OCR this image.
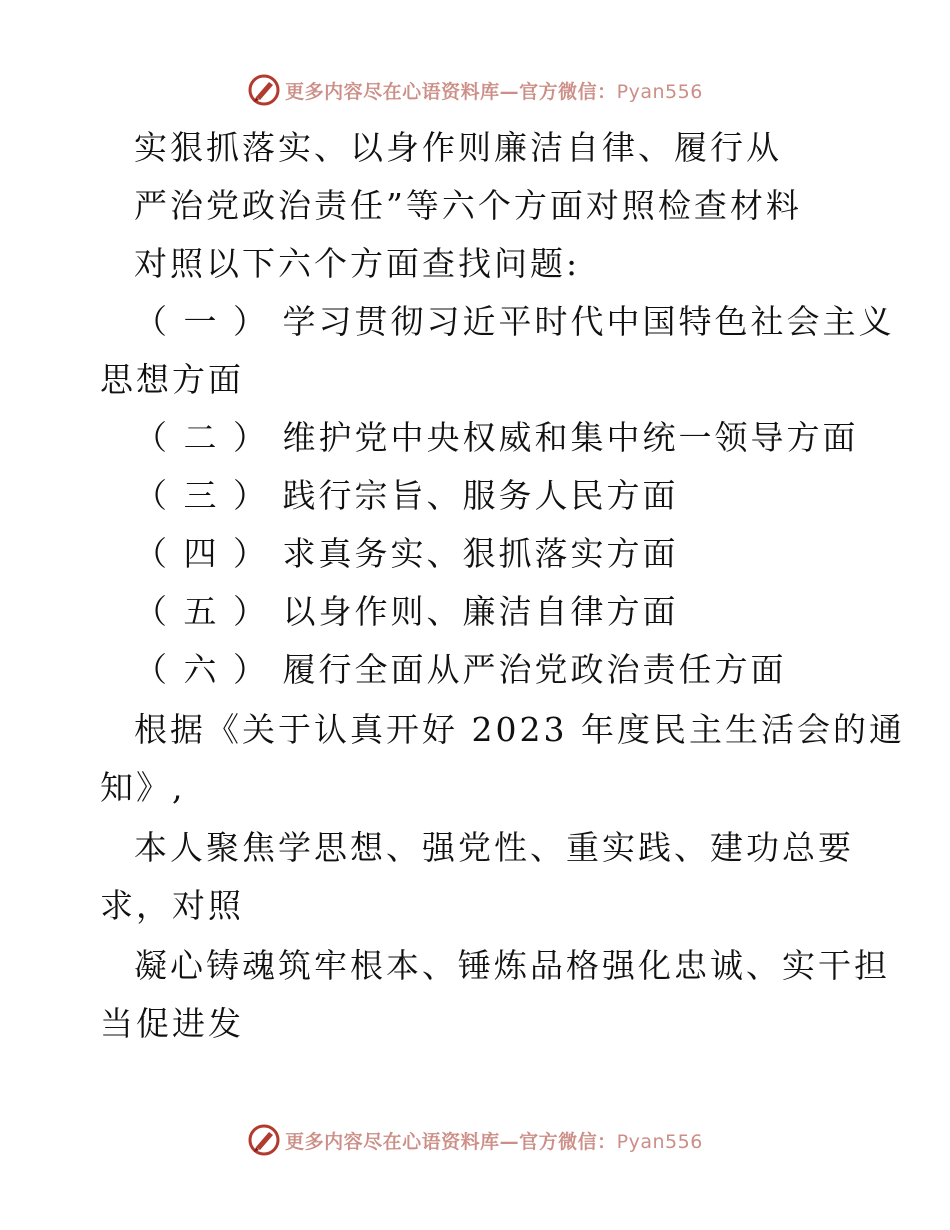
更多内容尽在心语资料库—官方微信：Pyan556
实狠抓落实、以身作则廉洁自律、履行从
严治党政治责任”等六个方面对照检查材料
对照以下六个方面查找问题:
（ 一 ） 学习贯彻习近平时代中国特色社会主义
思想方面
（ 二 ） 维护党中央权威和集中统一领导方面
（ 三 ） 践行宗旨、服务人民方面
（ 四 ） 求真务实、狠抓落实方面
（ 五 ） 以身作则、廉洁自律方面
（ 六 ） 履行全面从严治党政治责任方面
根据《关于认真开好 2023 年度民主生活会的通
知》,
本人聚焦学思想、强党性、重实践、建功总要
求，对照
凝心铸魂筑牢根本、锤炼品格强化忠诚、实干担
当促进发
更多内容尽在心语资料库—官方微信：Pyan556
